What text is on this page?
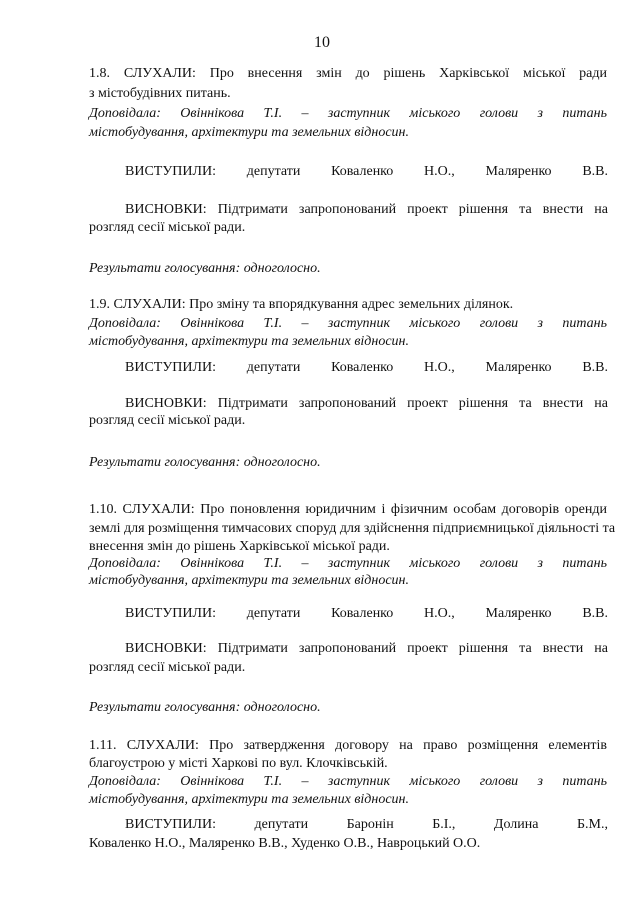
10
1.8. СЛУХАЛИ: Про внесення змін до рішень Харківської міської ради
з містобудівних питань.
Доповідала: Овіннікова Т.І. – заступник міського голови з питань
містобудування, архітектури та земельних відносин.
ВИСТУПИЛИ: депутати Коваленко Н.О., Маляренко В.В.
ВИСНОВКИ: Підтримати запропонований проект рішення та внести на
розгляд сесії міської ради.
Результати голосування: одноголосно.
1.9. СЛУХАЛИ: Про зміну та впорядкування адрес земельних ділянок.
Доповідала: Овіннікова Т.І. – заступник міського голови з питань
містобудування, архітектури та земельних відносин.
ВИСТУПИЛИ: депутати Коваленко Н.О., Маляренко В.В.
ВИСНОВКИ: Підтримати запропонований проект рішення та внести на
розгляд сесії міської ради.
Результати голосування: одноголосно.
1.10. СЛУХАЛИ: Про поновлення юридичним і фізичним особам договорів оренди
землі для розміщення тимчасових споруд для здійснення підприємницької діяльності та
внесення змін до рішень Харківської міської ради.
Доповідала: Овіннікова Т.І. – заступник міського голови з питань
містобудування, архітектури та земельних відносин.
ВИСТУПИЛИ: депутати Коваленко Н.О., Маляренко В.В.
ВИСНОВКИ: Підтримати запропонований проект рішення та внести на
розгляд сесії міської ради.
Результати голосування: одноголосно.
1.11. СЛУХАЛИ: Про затвердження договору на право розміщення елементів
благоустрою у місті Харкові по вул. Клочківській.
Доповідала: Овіннікова Т.І. – заступник міського голови з питань
містобудування, архітектури та земельних відносин.
ВИСТУПИЛИ: депутати Баронін Б.І., Долина Б.М.,
Коваленко Н.О., Маляренко В.В., Худенко О.В., Навроцький О.О.
